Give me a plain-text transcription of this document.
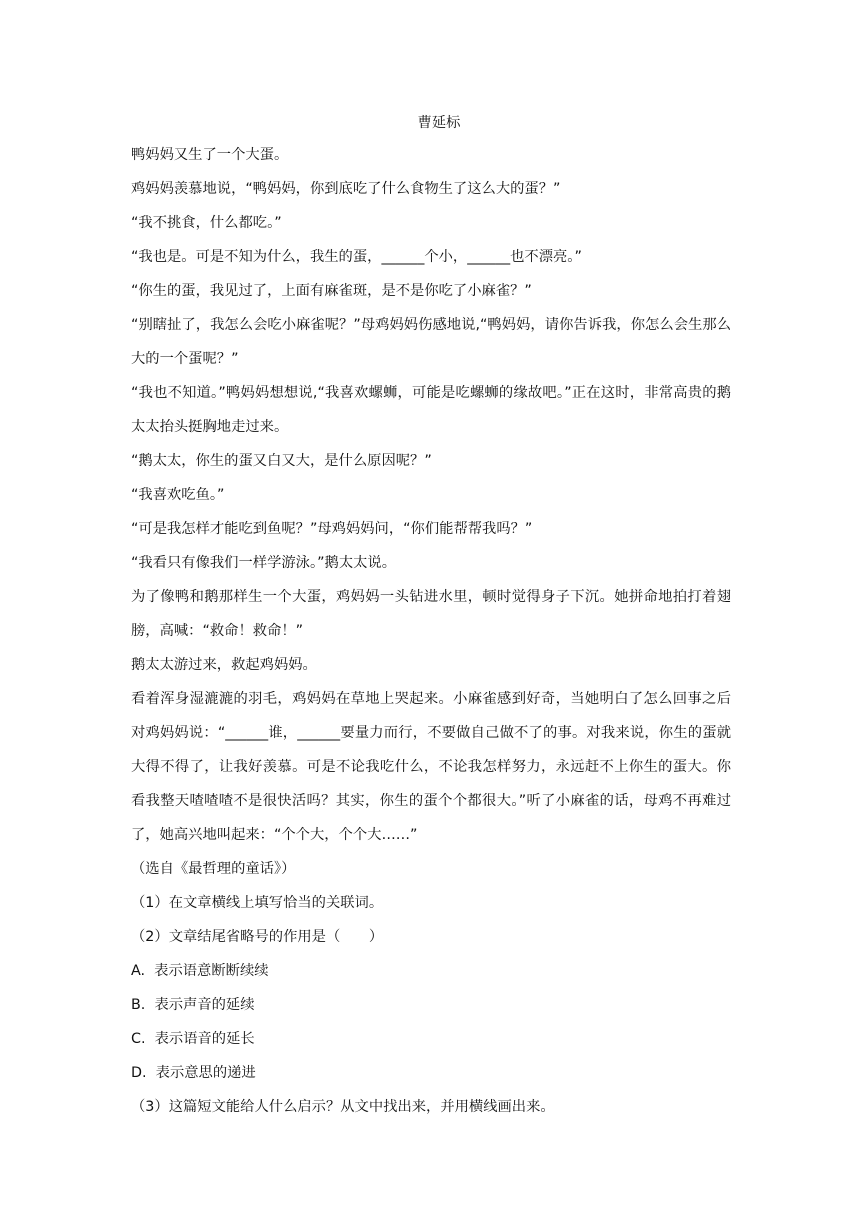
曹延标

鸭妈妈又生了一个大蛋。

鸡妈妈羡慕地说，“鸭妈妈，你到底吃了什么食物生了这么大的蛋？”

“我不挑食，什么都吃。”

“我也是。可是不知为什么，我生的蛋，______个小，______也不漂亮。”

“你生的蛋，我见过了，上面有麻雀斑，是不是你吃了小麻雀？”

“别瞎扯了，我怎么会吃小麻雀呢？”母鸡妈妈伤感地说,“鸭妈妈，请你告诉我，你怎么会生那么大的一个蛋呢？”

“我也不知道。”鸭妈妈想想说,“我喜欢螺蛳，可能是吃螺蛳的缘故吧。”正在这时，非常高贵的鹅太太抬头挺胸地走过来。

“鹅太太，你生的蛋又白又大，是什么原因呢？”

“我喜欢吃鱼。”

“可是我怎样才能吃到鱼呢？”母鸡妈妈问，“你们能帮帮我吗？”

“我看只有像我们一样学游泳。”鹅太太说。

为了像鸭和鹅那样生一个大蛋，鸡妈妈一头钻进水里，顿时觉得身子下沉。她拼命地拍打着翅膀，高喊：“救命！救命！”

鹅太太游过来，救起鸡妈妈。

看着浑身湿漉漉的羽毛，鸡妈妈在草地上哭起来。小麻雀感到好奇，当她明白了怎么回事之后对鸡妈妈说：“______谁，______要量力而行，不要做自己做不了的事。对我来说，你生的蛋就大得不得了，让我好羡慕。可是不论我吃什么，不论我怎样努力，永远赶不上你生的蛋大。你看我整天喳喳喳不是很快活吗？其实，你生的蛋个个都很大。”听了小麻雀的话，母鸡不再难过了，她高兴地叫起来：“个个大，个个大……”

（选自《最哲理的童话》）

（1）在文章横线上填写恰当的关联词。

（2）文章结尾省略号的作用是（　　）

A.  表示语意断断续续

B.  表示声音的延续

C.  表示语音的延长

D.  表示意思的递进

（3）这篇短文能给人什么启示？从文中找出来，并用横线画出来。
